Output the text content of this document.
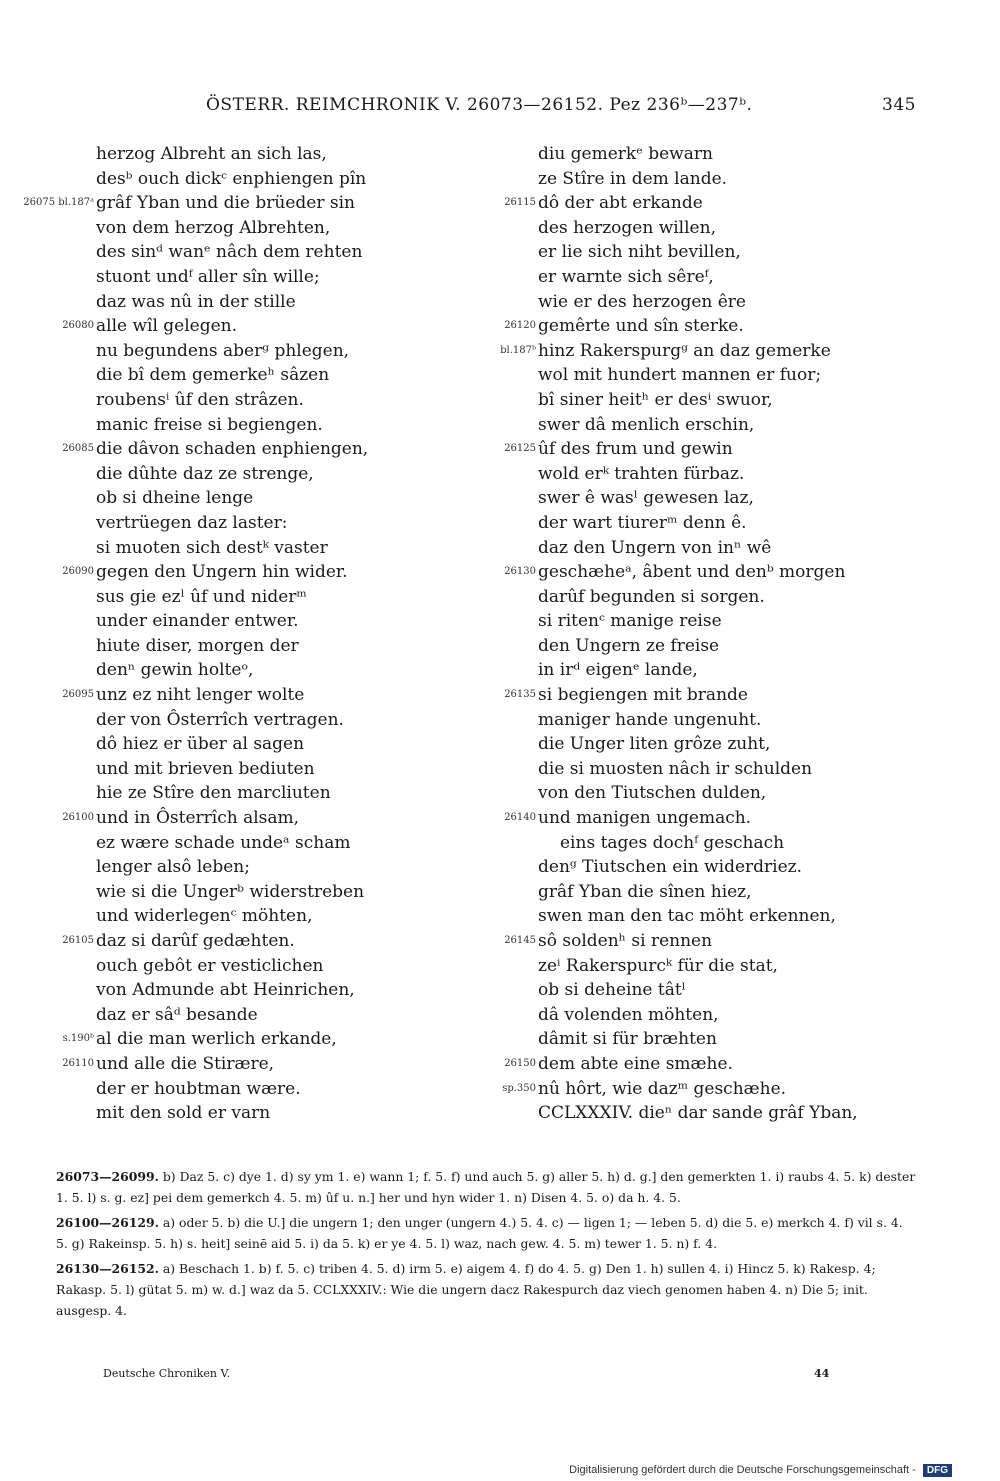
ÖSTERR. REIMCHRONIK V. 26073—26152. Pez 236ᵇ—237ᵇ.	345
herzog Albreht an sich las,
desᵇ ouch dickᶜ enphiengen pîn
26075 bl.187ᵃ grâf Yban und die brüeder sin
von dem herzog Albrehten,
des sinᵈ wanᵉ nâch dem rehten
stuont undᶠ aller sîn wille;
daz was nû in der stille
26080 alle wîl gelegen.
nu begundens aberᵍ phlegen,
die bî dem gemerkeʰ sâzen
roubensⁱ ûf den strâzen.
manic freise si begiengen.
26085 die dâvon schaden enphiengen,
die dûhte daz ze strenge,
ob si dheine lenge
vertrüegen daz laster:
si muoten sich destᵏ vaster
26090 gegen den Ungern hin wider.
sus gie ezˡ ûf und niderᵐ
under einander entwer.
hiute diser, morgen der
denⁿ gewin holteᵒ,
26095 unz ez niht lenger wolte
der von Ôsterrîch vertragen.
dô hiez er über al sagen
und mit brieven bediuten
hie ze Stîre den marcliuten
26100 und in Ôsterrîch alsam,
ez wære schade undeᵃ scham
lenger alsô leben;
wie si die Ungerᵇ widerstreben
und widerlegenᶜ möhten,
26105 daz si darûf gedæhten.
ouch gebôt er vesticlichen
von Admunde abt Heinrichen,
daz er sâᵈ besande
s.190ᵇ al die man werlich erkande,
26110 und alle die Stirære,
der er houbtman wære.
mit den sold er varn
diu gemerkᵉ bewarn
ze Stîre in dem lande.
26115 dô der abt erkande
des herzogen willen,
er lie sich niht bevillen,
er warnte sich sêreᶠ,
wie er des herzogen êre
26120 gemêrte und sîn sterke.
bl.187ᵇ hinz Rakerspurgᵍ an daz gemerke
wol mit hundert mannen er fuor;
bî siner heitʰ er desⁱ swuor,
swer dâ menlich erschin,
26125 ûf des frum und gewin
wold erᵏ trahten fürbaz.
swer ê wasˡ gewesen laz,
der wart tiurerᵐ denn ê.
daz den Ungern von inⁿ wê
26130 geschæheᵃ, âbent und denᵇ morgen
darûf begunden si sorgen.
si ritenᶜ manige reise
den Ungern ze freise
in irᵈ eigenᵉ lande,
26135 si begiengen mit brande
maniger hande ungenuht.
die Unger liten grôze zuht,
die si muosten nâch ir schulden
von den Tiutschen dulden,
26140 und manigen ungemach.
eins tages dochᶠ geschach
denᵍ Tiutschen ein widerdriez.
grâf Yban die sînen hiez,
swen man den tac möht erkennen,
26145 sô soldenʰ si rennen
zeⁱ Rakerspurcᵏ für die stat,
ob si deheine tâtˡ
dâ volenden möhten,
dâmit si für bræhten
26150 dem abte eine smæhe.
sp.350 nû hôrt, wie dazᵐ geschæhe.
CCLXXXIV. dieⁿ dar sande grâf Yban,

26073—26099. b) Daz 5. c) dye 1. d) sy ym 1. e) wann 1; f. 5. f) und auch 5. g) aller 5. h) d. g.] den gemerkten 1. i) raubs 4. 5. k) dester 1. 5. l) s. g. ez] pei dem gemerkch 4. 5. m) ûf u. n.] her und hyn wider 1. n) Disen 4. 5. o) da h. 4. 5.

26100—26129. a) oder 5. b) die U.] die ungern 1; den unger (ungern 4.) 5. 4. c) — ligen 1; — leben 5. d) die 5. e) merkch 4. f) vil s. 4. 5. g) Rakeinsp. 5. h) s. heit] seinē aid 5. i) da 5. k) er ye 4. 5. l) waz, nach gew. 4. 5. m) tewer 1. 5. n) f. 4.

26130—26152. a) Beschach 1. b) f. 5. c) triben 4. 5. d) irm 5. e) aigem 4. f) do 4. 5. g) Den 1. h) sullen 4. i) Hincz 5. k) Rakesp. 4; Rakasp. 5. l) gütat 5. m) w. d.] waz da 5. CCLXXXIV.: Wie die ungern dacz Rakespurch daz viech genomen haben 4. n) Die 5; init. ausgesp. 4.

Deutsche Chroniken V.	44
Digitalisierung gefördert durch die Deutsche Forschungsgemeinschaft - DFG
